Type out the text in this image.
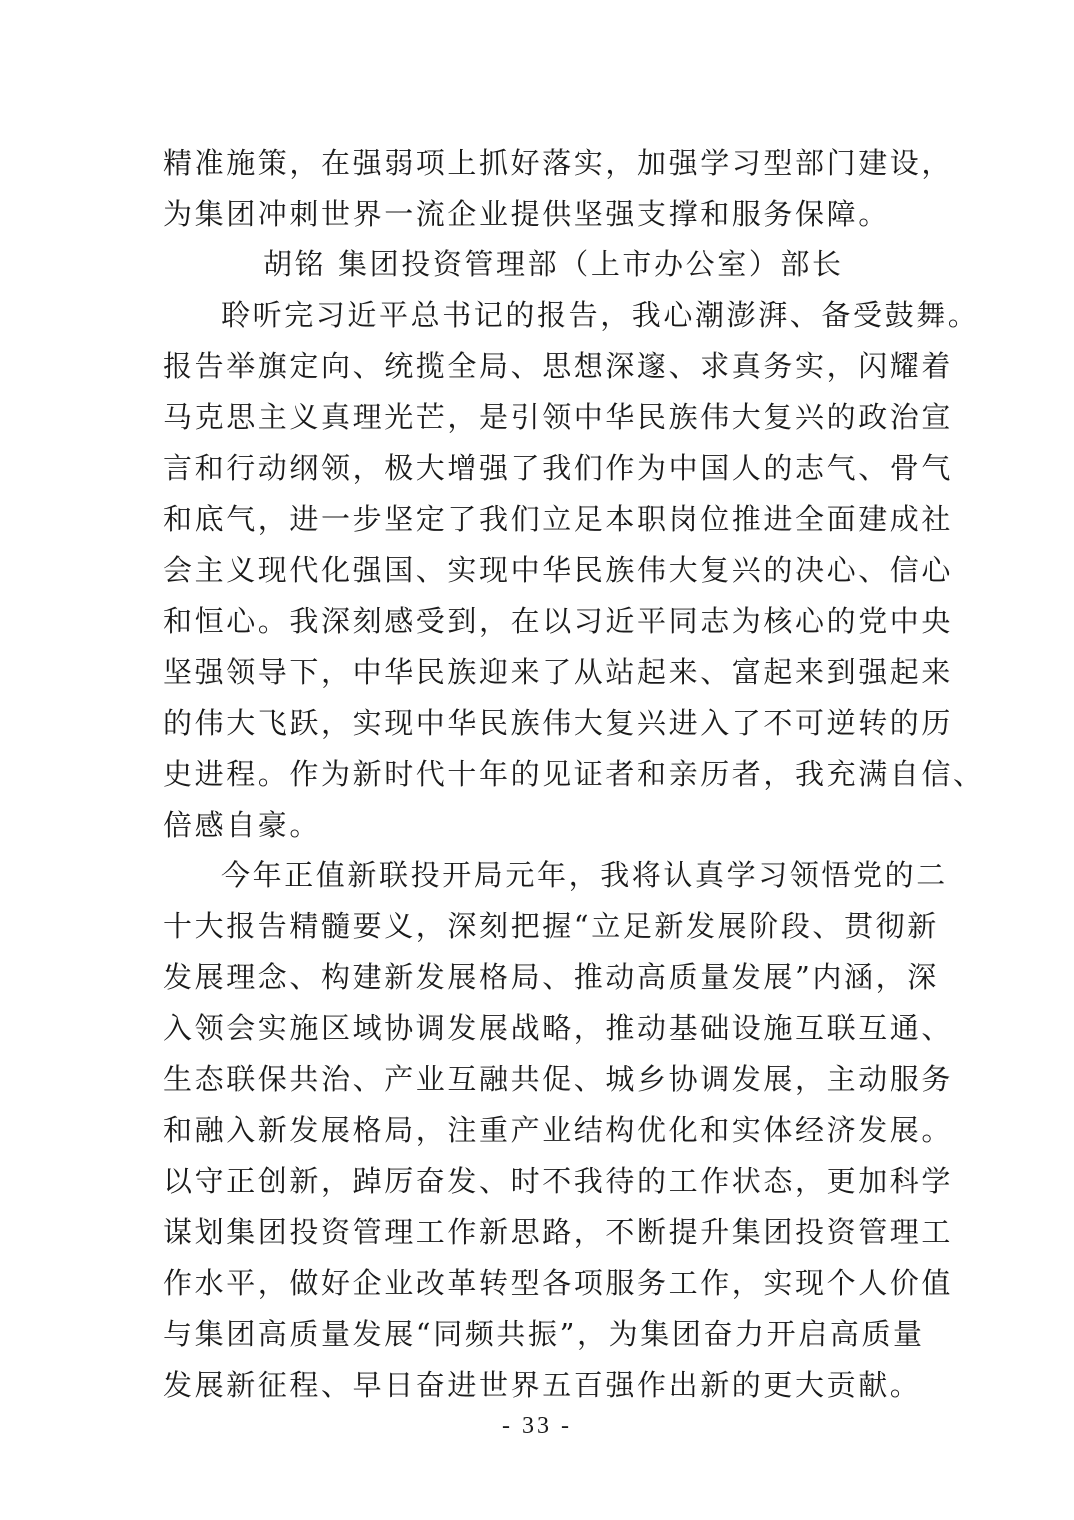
精准施策，在强弱项上抓好落实，加强学习型部门建设，
为集团冲刺世界一流企业提供坚强支撑和服务保障。
胡铭 集团投资管理部（上市办公室）部长
聆听完习近平总书记的报告，我心潮澎湃、备受鼓舞。
报告举旗定向、统揽全局、思想深邃、求真务实，闪耀着
马克思主义真理光芒，是引领中华民族伟大复兴的政治宣
言和行动纲领，极大增强了我们作为中国人的志气、骨气
和底气，进一步坚定了我们立足本职岗位推进全面建成社
会主义现代化强国、实现中华民族伟大复兴的决心、信心
和恒心。我深刻感受到，在以习近平同志为核心的党中央
坚强领导下，中华民族迎来了从站起来、富起来到强起来
的伟大飞跃，实现中华民族伟大复兴进入了不可逆转的历
史进程。作为新时代十年的见证者和亲历者，我充满自信、
倍感自豪。
今年正值新联投开局元年，我将认真学习领悟党的二
十大报告精髓要义，深刻把握“立足新发展阶段、贯彻新
发展理念、构建新发展格局、推动高质量发展”内涵，深
入领会实施区域协调发展战略，推动基础设施互联互通、
生态联保共治、产业互融共促、城乡协调发展，主动服务
和融入新发展格局，注重产业结构优化和实体经济发展。
以守正创新，踔厉奋发、时不我待的工作状态，更加科学
谋划集团投资管理工作新思路，不断提升集团投资管理工
作水平，做好企业改革转型各项服务工作，实现个人价值
与集团高质量发展“同频共振”，为集团奋力开启高质量
发展新征程、早日奋进世界五百强作出新的更大贡献。
- 33 -
